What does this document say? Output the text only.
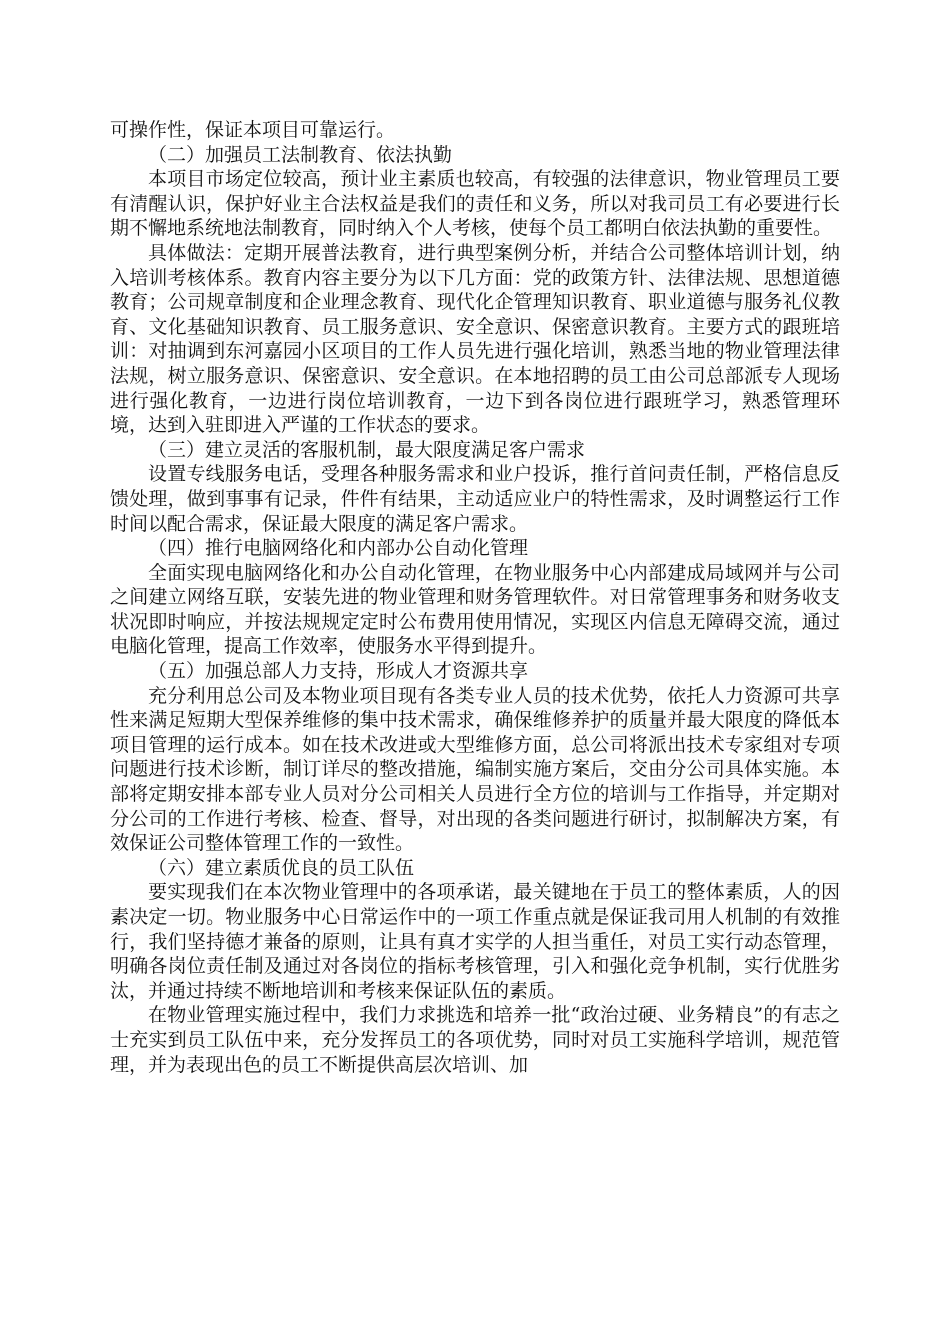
可操作性，保证本项目可靠运行。

（二）加强员工法制教育、依法执勤

本项目市场定位较高，预计业主素质也较高，有较强的法律意识，物业管理员工要有清醒认识，保护好业主合法权益是我们的责任和义务，所以对我司员工有必要进行长期不懈地系统地法制教育，同时纳入个人考核，使每个员工都明白依法执勤的重要性。

具体做法：定期开展普法教育，进行典型案例分析，并结合公司整体培训计划，纳入培训考核体系。教育内容主要分为以下几方面：党的政策方针、法律法规、思想道德教育；公司规章制度和企业理念教育、现代化企管理知识教育、职业道德与服务礼仪教育、文化基础知识教育、员工服务意识、安全意识、保密意识教育。主要方式的跟班培训：对抽调到东河嘉园小区项目的工作人员先进行强化培训，熟悉当地的物业管理法律法规，树立服务意识、保密意识、安全意识。在本地招聘的员工由公司总部派专人现场进行强化教育，一边进行岗位培训教育，一边下到各岗位进行跟班学习，熟悉管理环境，达到入驻即进入严谨的工作状态的要求。

（三）建立灵活的客服机制，最大限度满足客户需求

设置专线服务电话，受理各种服务需求和业户投诉，推行首问责任制，严格信息反馈处理，做到事事有记录，件件有结果，主动适应业户的特性需求，及时调整运行工作时间以配合需求，保证最大限度的满足客户需求。

（四）推行电脑网络化和内部办公自动化管理

全面实现电脑网络化和办公自动化管理，在物业服务中心内部建成局域网并与公司之间建立网络互联，安装先进的物业管理和财务管理软件。对日常管理事务和财务收支状况即时响应，并按法规规定定时公布费用使用情况，实现区内信息无障碍交流，通过电脑化管理，提高工作效率，使服务水平得到提升。

（五）加强总部人力支持，形成人才资源共享

充分利用总公司及本物业项目现有各类专业人员的技术优势，依托人力资源可共享性来满足短期大型保养维修的集中技术需求，确保维修养护的质量并最大限度的降低本项目管理的运行成本。如在技术改进或大型维修方面，总公司将派出技术专家组对专项问题进行技术诊断，制订详尽的整改措施，编制实施方案后，交由分公司具体实施。本部将定期安排本部专业人员对分公司相关人员进行全方位的培训与工作指导，并定期对分公司的工作进行考核、检查、督导，对出现的各类问题进行研讨，拟制解决方案，有效保证公司整体管理工作的一致性。

（六）建立素质优良的员工队伍

要实现我们在本次物业管理中的各项承诺，最关键地在于员工的整体素质，人的因素决定一切。物业服务中心日常运作中的一项工作重点就是保证我司用人机制的有效推行，我们坚持德才兼备的原则，让具有真才实学的人担当重任，对员工实行动态管理，明确各岗位责任制及通过对各岗位的指标考核管理，引入和强化竞争机制，实行优胜劣汰，并通过持续不断地培训和考核来保证队伍的素质。

在物业管理实施过程中，我们力求挑选和培养一批“政治过硬、业务精良”的有志之士充实到员工队伍中来，充分发挥员工的各项优势，同时对员工实施科学培训，规范管理，并为表现出色的员工不断提供高层次培训、加
